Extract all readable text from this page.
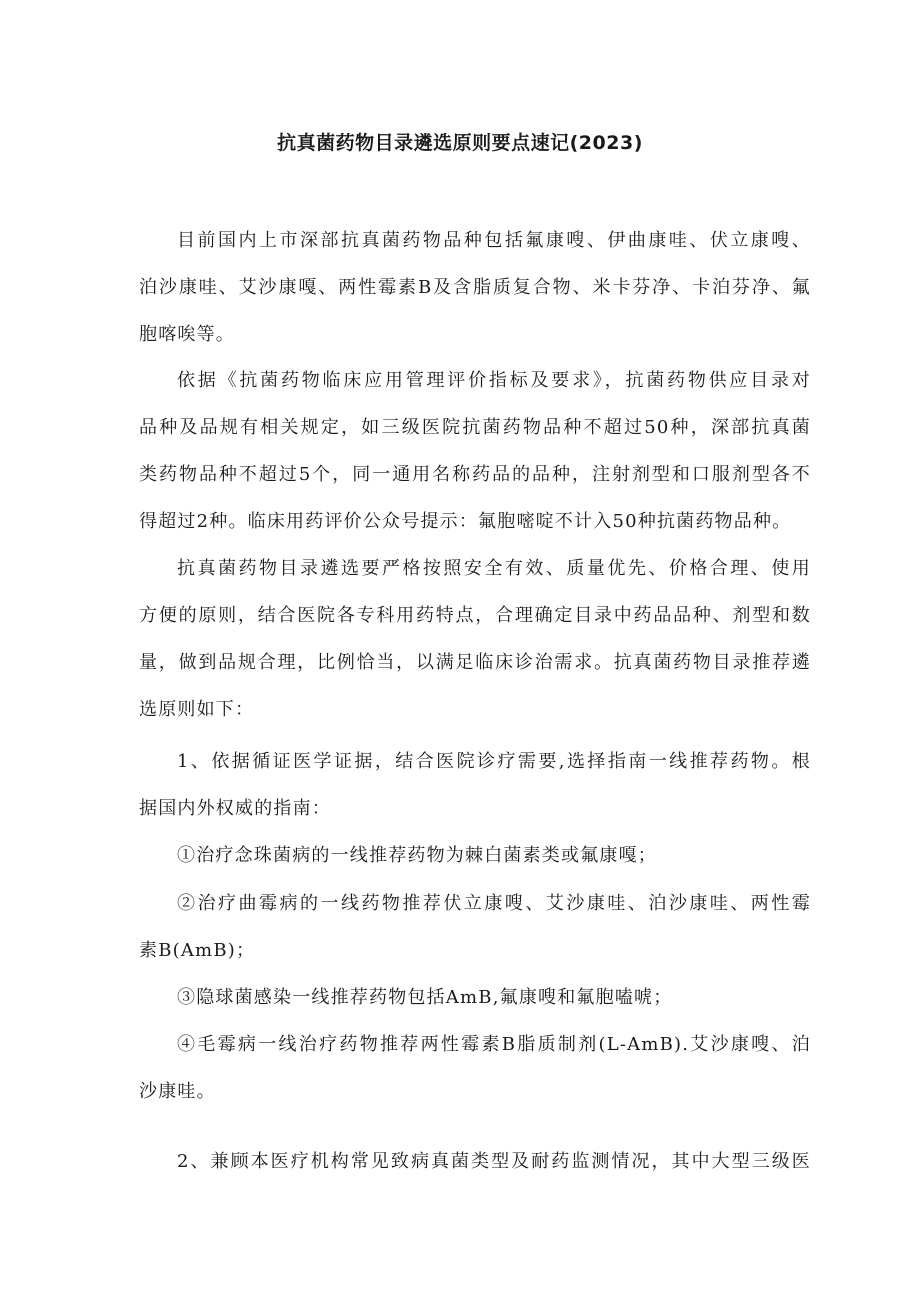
抗真菌药物目录遴选原则要点速记(2023)
目前国内上市深部抗真菌药物品种包括氟康嗖、伊曲康哇、伏立康嗖、
泊沙康哇、艾沙康嘎、两性霉素B及含脂质复合物、米卡芬净、卡泊芬净、氟
胞喀唉等。
依据《抗菌药物临床应用管理评价指标及要求》，抗菌药物供应目录对
品种及品规有相关规定，如三级医院抗菌药物品种不超过50种，深部抗真菌
类药物品种不超过5个，同一通用名称药品的品种，注射剂型和口服剂型各不
得超过2种。临床用药评价公众号提示：氟胞嘧啶不计入50种抗菌药物品种。
抗真菌药物目录遴选要严格按照安全有效、质量优先、价格合理、使用
方便的原则，结合医院各专科用药特点，合理确定目录中药品品种、剂型和数
量，做到品规合理，比例恰当，以满足临床诊治需求。抗真菌药物目录推荐遴
选原则如下：
1、依据循证医学证据，结合医院诊疗需要,选择指南一线推荐药物。根
据国内外权威的指南：
①治疗念珠菌病的一线推荐药物为棘白菌素类或氟康嘎；
②治疗曲霉病的一线药物推荐伏立康嗖、艾沙康哇、泊沙康哇、两性霉
素B(AmB)；
③隐球菌感染一线推荐药物包括AmB,氟康嗖和氟胞嗑唬；
④毛霉病一线治疗药物推荐两性霉素B脂质制剂(L-AmB).艾沙康嗖、泊
沙康哇。
2、兼顾本医疗机构常见致病真菌类型及耐药监测情况，其中大型三级医
